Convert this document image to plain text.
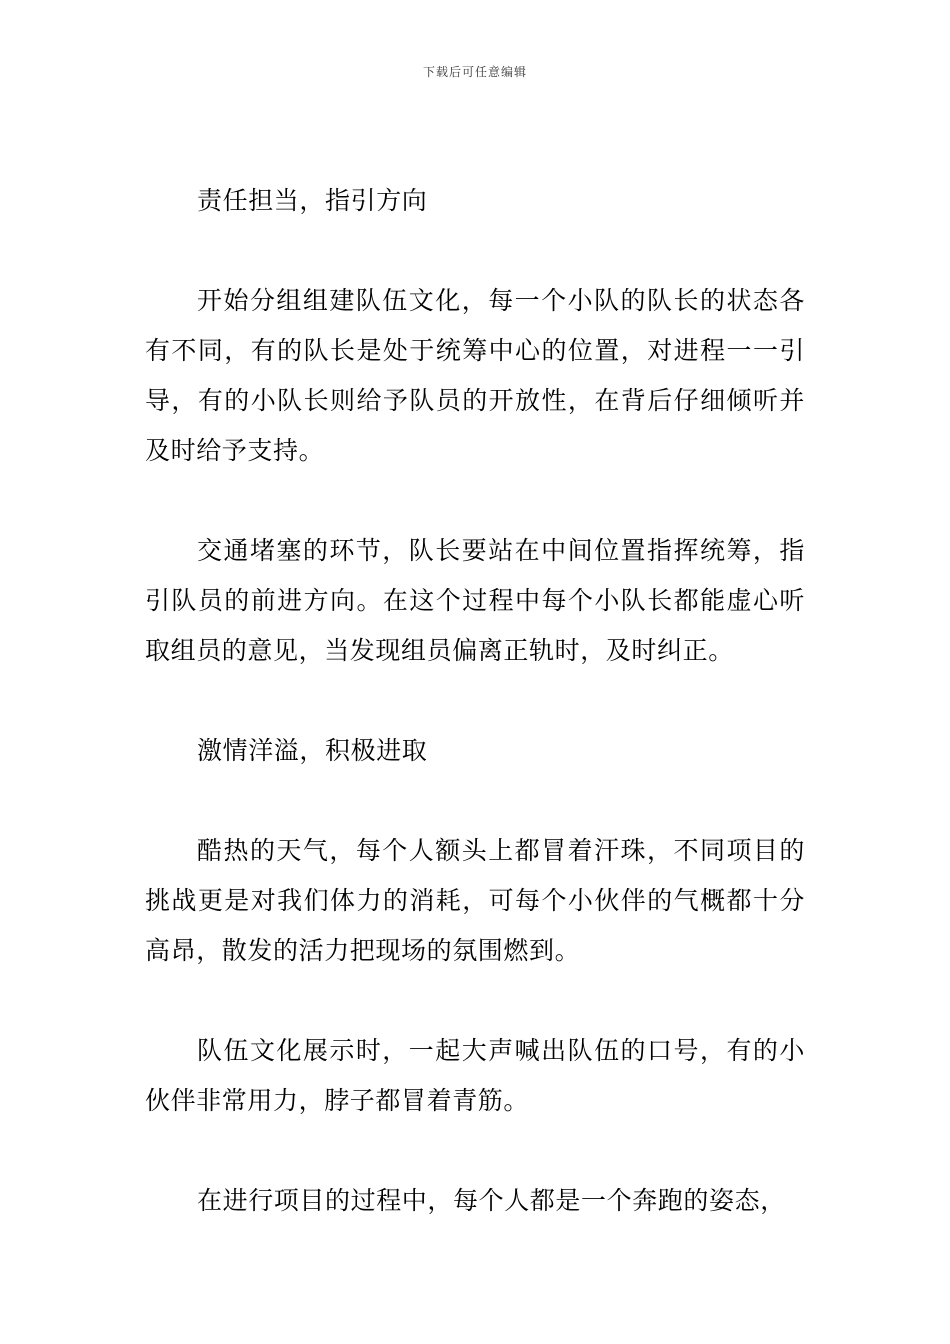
下载后可任意编辑

责任担当，指引方向

开始分组组建队伍文化，每一个小队的队长的状态各有不同，有的队长是处于统筹中心的位置，对进程一一引导，有的小队长则给予队员的开放性，在背后仔细倾听并及时给予支持。

交通堵塞的环节，队长要站在中间位置指挥统筹，指引队员的前进方向。在这个过程中每个小队长都能虚心听取组员的意见，当发现组员偏离正轨时，及时纠正。

激情洋溢，积极进取

酷热的天气，每个人额头上都冒着汗珠，不同项目的挑战更是对我们体力的消耗，可每个小伙伴的气概都十分高昂，散发的活力把现场的氛围燃到。

队伍文化展示时，一起大声喊出队伍的口号，有的小伙伴非常用力，脖子都冒着青筋。

在进行项目的过程中，每个人都是一个奔跑的姿态，
